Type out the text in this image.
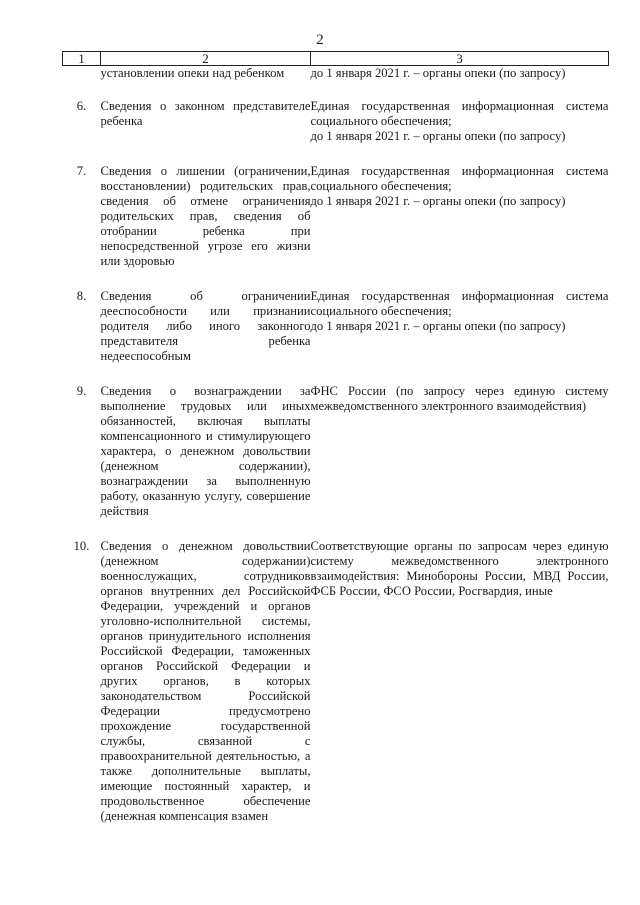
2
1	2	3
	установлении опеки над ребенком	до 1 января 2021 г. – органы опеки (по запросу)
6.	Сведения о законном представителе ребенка	Единая государственная информационная система социального обеспечения;
до 1 января 2021 г. – органы опеки (по запросу)

7.	Сведения о лишении (ограничении, восстановлении) родительских прав, сведения об отмене ограничения родительских прав, сведения об отобрании ребенка при непосредственной угрозе его жизни или здоровью	Единая государственная информационная система социального обеспечения;
до 1 января 2021 г. – органы опеки (по запросу)

8.	Сведения об ограничении дееспособности или признании родителя либо иного законного представителя ребенка недееспособным	Единая государственная информационная система социального обеспечения;
до 1 января 2021 г. – органы опеки (по запросу)

9.	Сведения о вознаграждении за выполнение трудовых или иных обязанностей, включая выплаты компенсационного и стимулирующего характера, о денежном довольствии (денежном содержании), вознаграждении за выполненную работу, оказанную услугу, совершение действия	ФНС России (по запросу через единую систему межведомственного электронного взаимодействия)

10.	Сведения о денежном довольствии (денежном содержании) военнослужащих, сотрудников органов внутренних дел Российской Федерации, учреждений и органов уголовно-исполнительной системы, органов принудительного исполнения Российской Федерации, таможенных органов Российской Федерации и других органов, в которых законодательством Российской Федерации предусмотрено прохождение государственной службы, связанной с правоохранительной деятельностью, а также дополнительные выплаты, имеющие постоянный характер, и продовольственное обеспечение (денежная компенсация взамен	Соответствующие органы по запросам через единую систему межведомственного электронного взаимодействия: Минобороны России, МВД России, ФСБ России, ФСО России, Росгвардия, иные
